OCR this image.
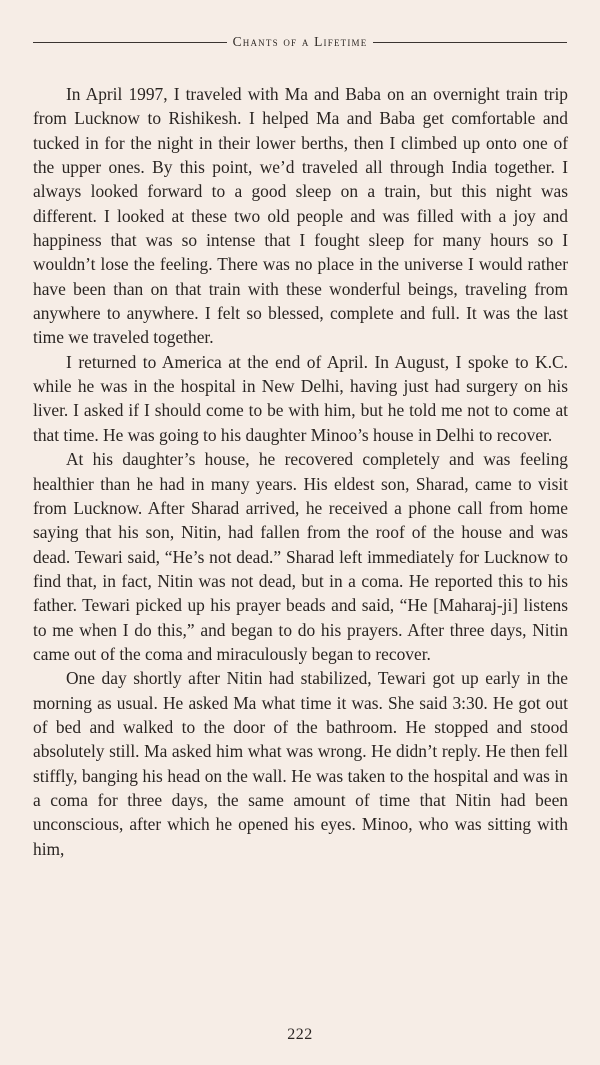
Chants of a Lifetime

In April 1997, I traveled with Ma and Baba on an overnight train trip from Lucknow to Rishikesh. I helped Ma and Baba get comfortable and tucked in for the night in their lower berths, then I climbed up onto one of the upper ones. By this point, we’d traveled all through India together. I always looked forward to a good sleep on a train, but this night was different. I looked at these two old people and was filled with a joy and happiness that was so intense that I fought sleep for many hours so I wouldn’t lose the feeling. There was no place in the universe I would rather have been than on that train with these wonderful beings, traveling from anywhere to anywhere. I felt so blessed, complete and full. It was the last time we traveled together.

I returned to America at the end of April. In August, I spoke to K.C. while he was in the hospital in New Delhi, having just had surgery on his liver. I asked if I should come to be with him, but he told me not to come at that time. He was going to his daughter Minoo’s house in Delhi to recover.

At his daughter’s house, he recovered completely and was feeling healthier than he had in many years. His eldest son, Sharad, came to visit from Lucknow. After Sharad arrived, he received a phone call from home saying that his son, Nitin, had fallen from the roof of the house and was dead. Tewari said, “He’s not dead.” Sharad left immediately for Lucknow to find that, in fact, Nitin was not dead, but in a coma. He reported this to his father. Tewari picked up his prayer beads and said, “He [Maharaj-ji] listens to me when I do this,” and began to do his prayers. After three days, Nitin came out of the coma and miraculously began to recover.

One day shortly after Nitin had stabilized, Tewari got up early in the morning as usual. He asked Ma what time it was. She said 3:30. He got out of bed and walked to the door of the bathroom. He stopped and stood absolutely still. Ma asked him what was wrong. He didn’t reply. He then fell stiffly, banging his head on the wall. He was taken to the hospital and was in a coma for three days, the same amount of time that Nitin had been unconscious, after which he opened his eyes. Minoo, who was sitting with him,

222
